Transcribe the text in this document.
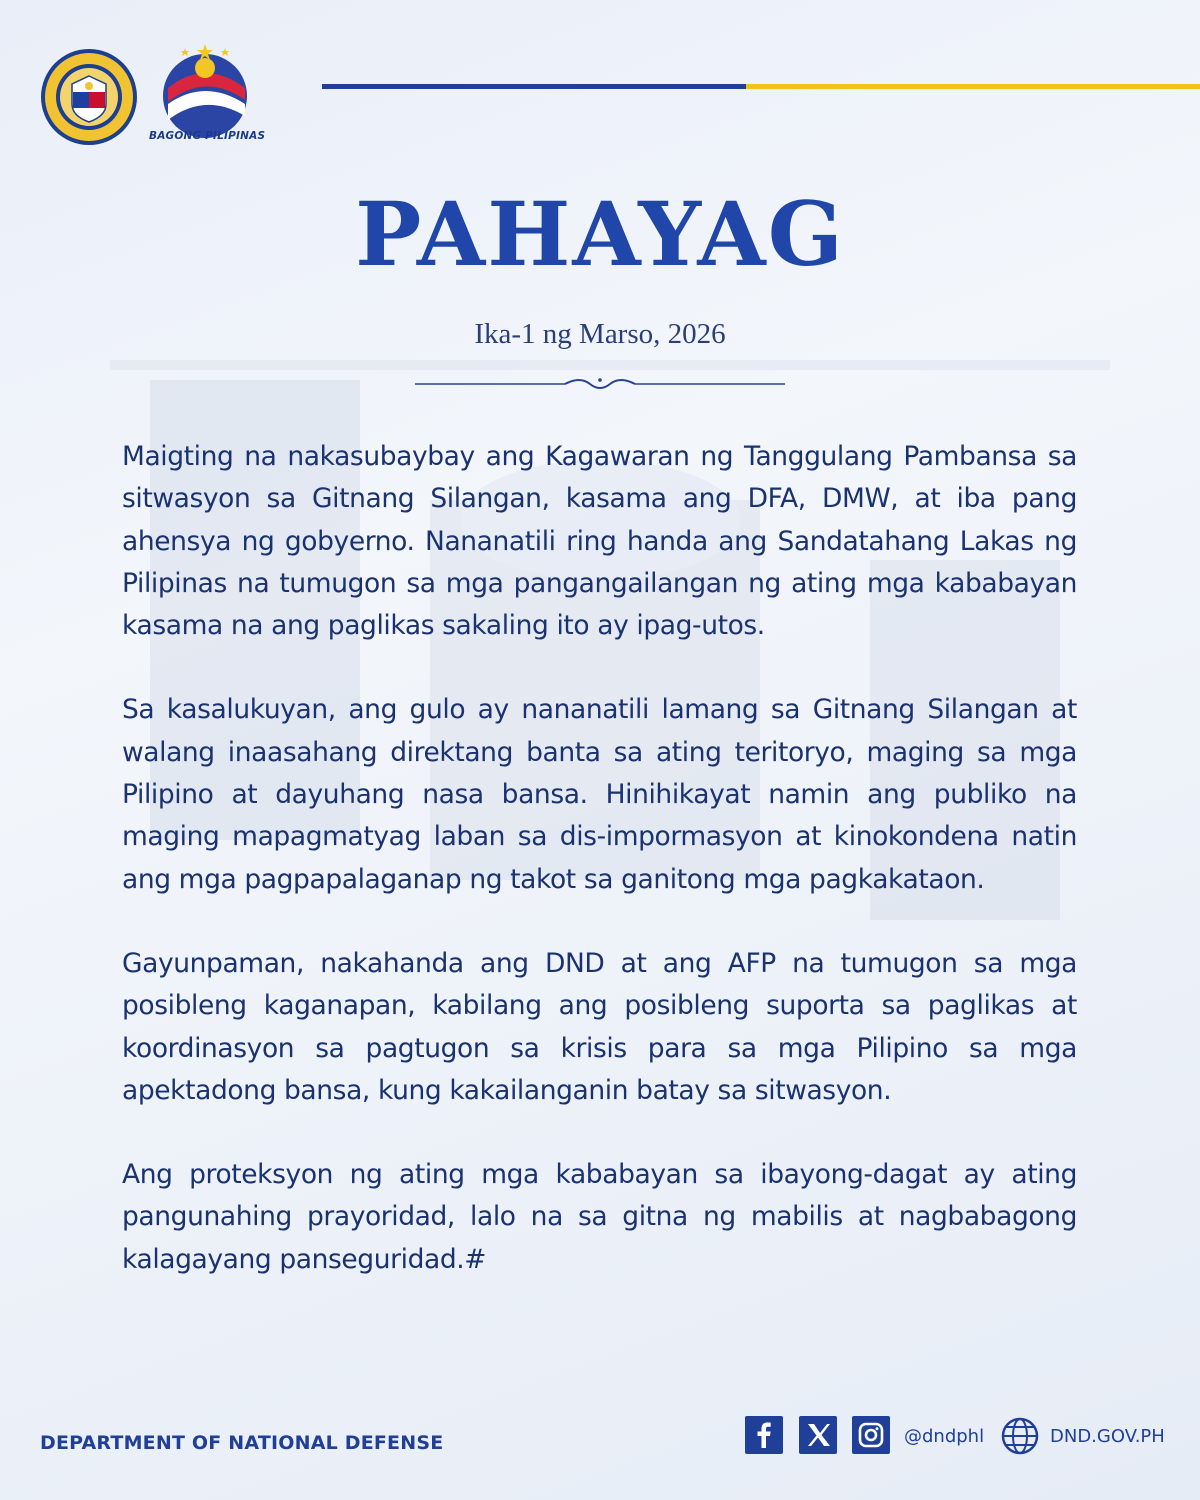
BAGONG PILIPINAS
PAHAYAG
Ika-1 ng Marso, 2026

Maigting na nakasubaybay ang Kagawaran ng Tanggulang Pambansa sa sitwasyon sa Gitnang Silangan, kasama ang DFA, DMW, at iba pang ahensya ng gobyerno. Nananatili ring handa ang Sandatahang Lakas ng Pilipinas na tumugon sa mga pangangailangan ng ating mga kababayan kasama na ang paglikas sakaling ito ay ipag-utos.

Sa kasalukuyan, ang gulo ay nananatili lamang sa Gitnang Silangan at walang inaasahang direktang banta sa ating teritoryo, maging sa mga Pilipino at dayuhang nasa bansa. Hinihikayat namin ang publiko na maging mapagmatyag laban sa dis-impormasyon at kinokondena natin ang mga pagpapalaganap ng takot sa ganitong mga pagkakataon.

Gayunpaman, nakahanda ang DND at ang AFP na tumugon sa mga posibleng kaganapan, kabilang ang posibleng suporta sa paglikas at koordinasyon sa pagtugon sa krisis para sa mga Pilipino sa mga apektadong bansa, kung kakailanganin batay sa sitwasyon.

Ang proteksyon ng ating mga kababayan sa ibayong-dagat ay ating pangunahing prayoridad, lalo na sa gitna ng mabilis at nagbabagong kalagayang panseguridad.#

DEPARTMENT OF NATIONAL DEFENSE	@dndphl	DND.GOV.PH
